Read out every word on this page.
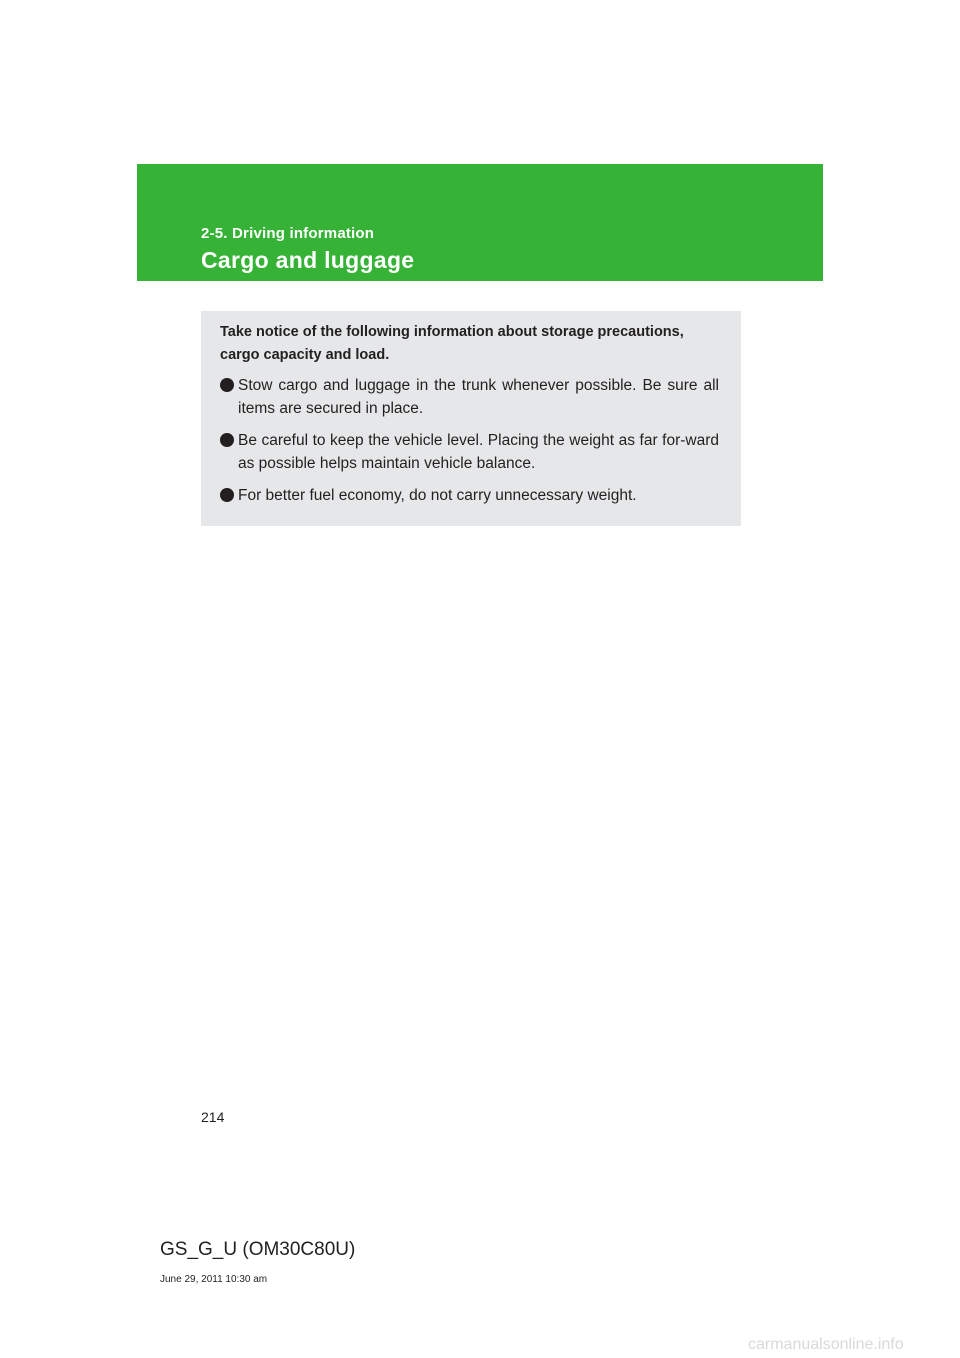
2-5. Driving information
Cargo and luggage

Take notice of the following information about storage precautions, cargo capacity and load.

Stow cargo and luggage in the trunk whenever possible. Be sure all items are secured in place.
Be careful to keep the vehicle level. Placing the weight as far for-ward as possible helps maintain vehicle balance.
For better fuel economy, do not carry unnecessary weight.
214
GS_G_U (OM30C80U)
June 29, 2011 10:30 am
carmanualsonline.info
